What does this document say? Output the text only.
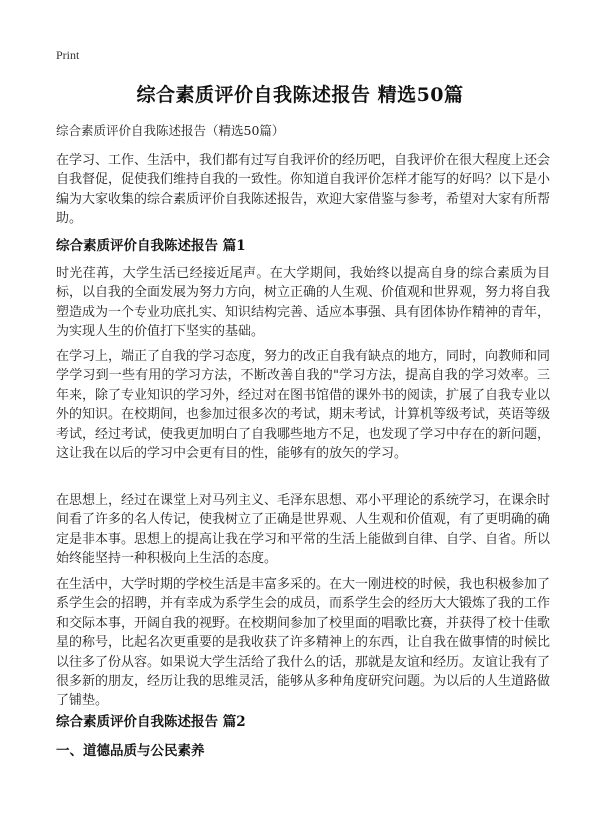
Print
综合素质评价自我陈述报告 精选50篇
综合素质评价自我陈述报告（精选50篇）

在学习、工作、生活中，我们都有过写自我评价的经历吧，自我评价在很大程度上还会自我督促，促使我们维持自我的一致性。你知道自我评价怎样才能写的好吗？以下是小编为大家收集的综合素质评价自我陈述报告，欢迎大家借鉴与参考，希望对大家有所帮助。

综合素质评价自我陈述报告 篇1

时光荏苒，大学生活已经接近尾声。在大学期间，我始终以提高自身的综合素质为目标，以自我的全面发展为努力方向，树立正确的人生观、价值观和世界观，努力将自我塑造成为一个专业功底扎实、知识结构完善、适应本事强、具有团体协作精神的青年，为实现人生的价值打下坚实的基础。

在学习上，端正了自我的学习态度，努力的改正自我有缺点的地方，同时，向教师和同学学习到一些有用的学习方法，不断改善自我的"学习方法，提高自我的学习效率。三年来，除了专业知识的学习外，经过对在图书馆借的课外书的阅读，扩展了自我专业以外的知识。在校期间，也参加过很多次的考试，期末考试，计算机等级考试，英语等级考试，经过考试，使我更加明白了自我哪些地方不足，也发现了学习中存在的新问题，这让我在以后的学习中会更有目的性，能够有的放矢的学习。

在思想上，经过在课堂上对马列主义、毛泽东思想、邓小平理论的系统学习，在课余时间看了许多的名人传记，使我树立了正确是世界观、人生观和价值观，有了更明确的确定是非本事。思想上的提高让我在学习和平常的生活上能做到自律、自学、自省。所以始终能坚持一种积极向上生活的态度。

在生活中，大学时期的学校生活是丰富多采的。在大一刚进校的时候，我也积极参加了系学生会的招聘，并有幸成为系学生会的成员，而系学生会的经历大大锻炼了我的工作和交际本事，开阔自我的视野。在校期间参加了校里面的唱歌比赛，并获得了校十佳歌星的称号，比起名次更重要的是我收获了许多精神上的东西，让自我在做事情的时候比以往多了份从容。如果说大学生活给了我什么的话，那就是友谊和经历。友谊让我有了很多新的朋友，经历让我的思维灵活，能够从多种角度研究问题。为以后的人生道路做了铺垫。

综合素质评价自我陈述报告 篇2
一、道德品质与公民素养
